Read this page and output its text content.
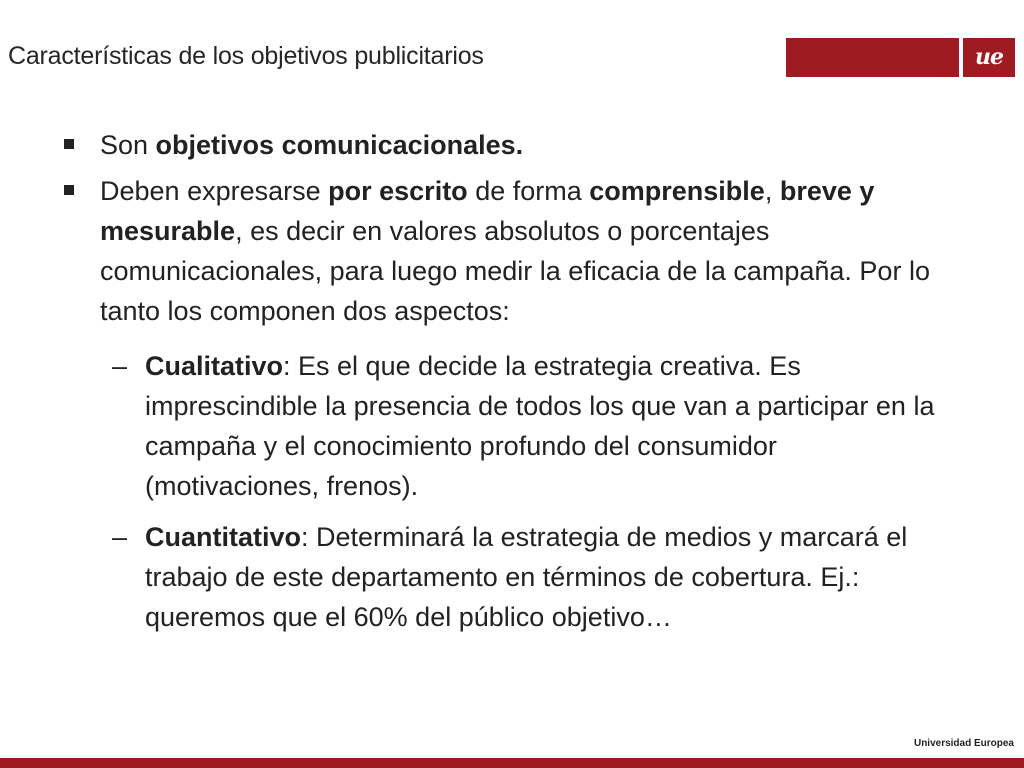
Características de los objetivos publicitarios	ue
Son objetivos comunicacionales.
Deben expresarse por escrito de forma comprensible, breve y mesurable, es decir en valores absolutos o porcentajes comunicacionales, para luego medir la eficacia de la campaña. Por lo tanto los componen dos aspectos:
– Cualitativo: Es el que decide la estrategia creativa. Es imprescindible la presencia de todos los que van a participar en la campaña y el conocimiento profundo del consumidor (motivaciones, frenos).
– Cuantitativo: Determinará la estrategia de medios y marcará el trabajo de este departamento en términos de cobertura. Ej.: queremos que el 60% del público objetivo…
Universidad Europea
